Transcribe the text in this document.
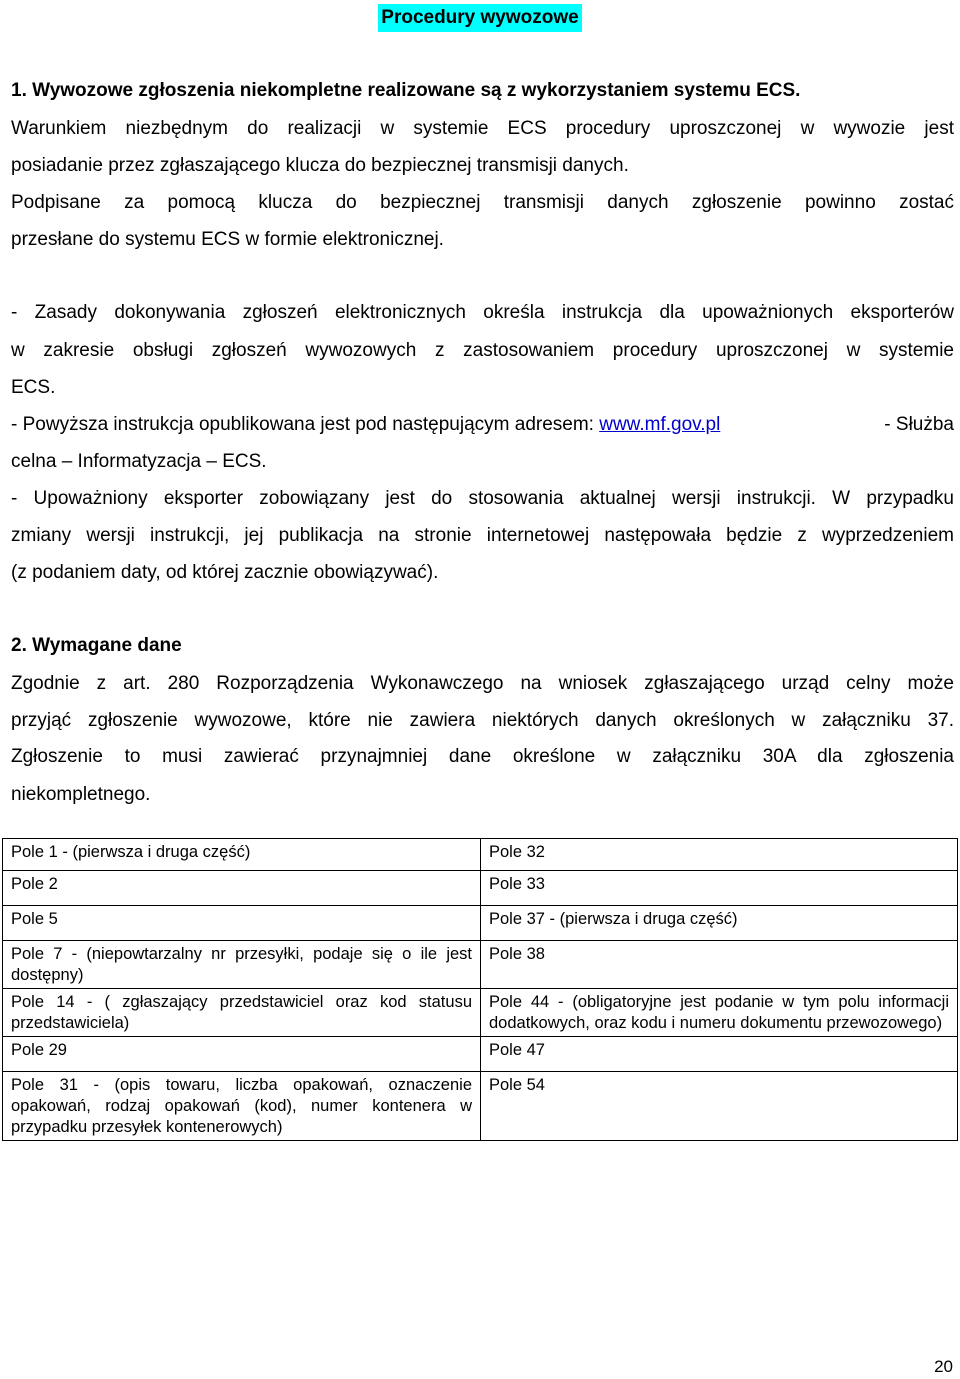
Procedury wywozowe
1. Wywozowe zgłoszenia niekompletne realizowane są z wykorzystaniem systemu ECS.
Warunkiem niezbędnym do realizacji w systemie ECS procedury uproszczonej w wywozie jest
posiadanie przez zgłaszającego klucza do bezpiecznej transmisji danych.
Podpisane za pomocą klucza do bezpiecznej transmisji danych zgłoszenie powinno zostać
przesłane do systemu ECS w formie elektronicznej.
- Zasady dokonywania zgłoszeń elektronicznych określa instrukcja dla upoważnionych eksporterów
w zakresie obsługi zgłoszeń wywozowych z zastosowaniem procedury uproszczonej w systemie
ECS.
- Powyższa instrukcja opublikowana jest pod następującym adresem: www.mf.gov.pl	- Służba
celna – Informatyzacja – ECS.
- Upoważniony eksporter zobowiązany jest do stosowania aktualnej wersji instrukcji. W przypadku
zmiany wersji instrukcji, jej publikacja na stronie internetowej następowała będzie z wyprzedzeniem
(z podaniem daty, od której zacznie obowiązywać).
2. Wymagane dane
Zgodnie z art. 280 Rozporządzenia Wykonawczego na wniosek zgłaszającego urząd celny może
przyjąć zgłoszenie wywozowe, które nie zawiera niektórych danych określonych w załączniku 37.
Zgłoszenie to musi zawierać przynajmniej dane określone w załączniku 30A dla zgłoszenia
niekompletnego.
Pole 1 - (pierwsza i druga część)	Pole 32
Pole 2	Pole 33
Pole 5	Pole 37 - (pierwsza i druga część)
Pole 7 - (niepowtarzalny nr przesyłki, podaje się o ile jest dostępny)	Pole 38
Pole 14 - ( zgłaszający przedstawiciel oraz kod statusu przedstawiciela)	Pole 44 - (obligatoryjne jest podanie w tym polu informacji dodatkowych, oraz kodu i numeru dokumentu przewozowego)
Pole 29	Pole 47
Pole 31 - (opis towaru, liczba opakowań, oznaczenie opakowań, rodzaj opakowań (kod), numer kontenera w przypadku przesyłek kontenerowych)	Pole 54
20
